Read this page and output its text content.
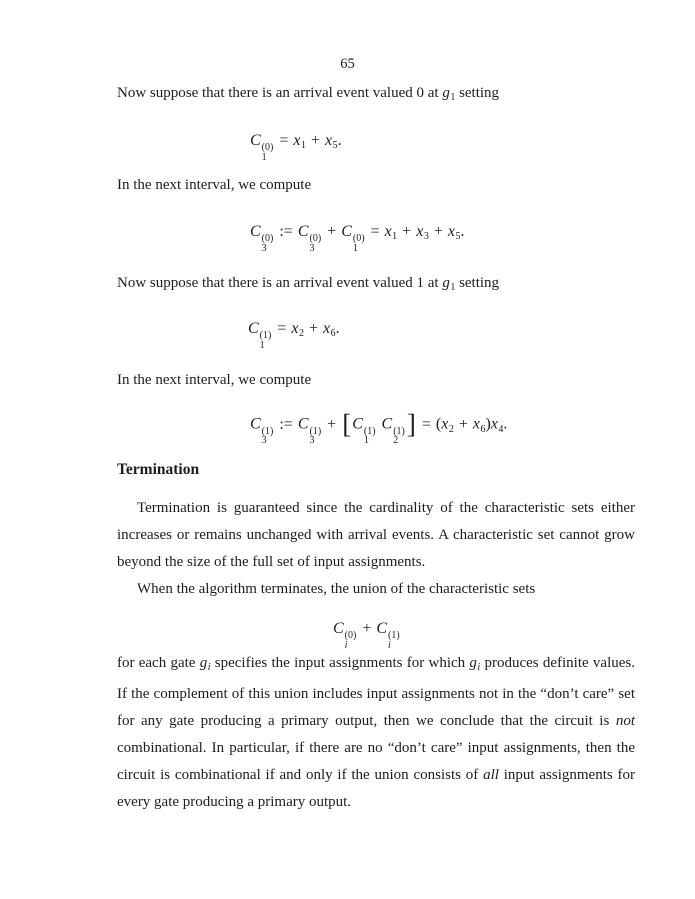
65
Now suppose that there is an arrival event valued 0 at $g_1$ setting
C (0)
1
= x1 + x5.
In the next interval, we compute
C (0)
3
:= C (0)
3
+ C (0)
1
= x1 + x3 + x5.
Now suppose that there is an arrival event valued 1 at $g_1$ setting
C (1)
1
= x2 + x6.
In the next interval, we compute
C (1)
3
:= C (1)
3
+ [C (1)
1
C (1)
2
] = (x2 + x6)x4.
Termination
Termination is guaranteed since the cardinality of the characteristic sets either increases or remains unchanged with arrival events. A characteristic set cannot grow beyond the size of the full set of input assignments.
When the algorithm terminates, the union of the characteristic sets
C (0)
i
+ C (1)
i
for each gate $g_i$ specifies the input assignments for which $g_i$ produces definite values. If the complement of this union includes input assignments not in the “don’t care” set for any gate producing a primary output, then we conclude that the circuit is not combinational. In particular, if there are no “don’t care” input assignments, then the circuit is combinational if and only if the union consists of all input assignments for every gate producing a primary output.
